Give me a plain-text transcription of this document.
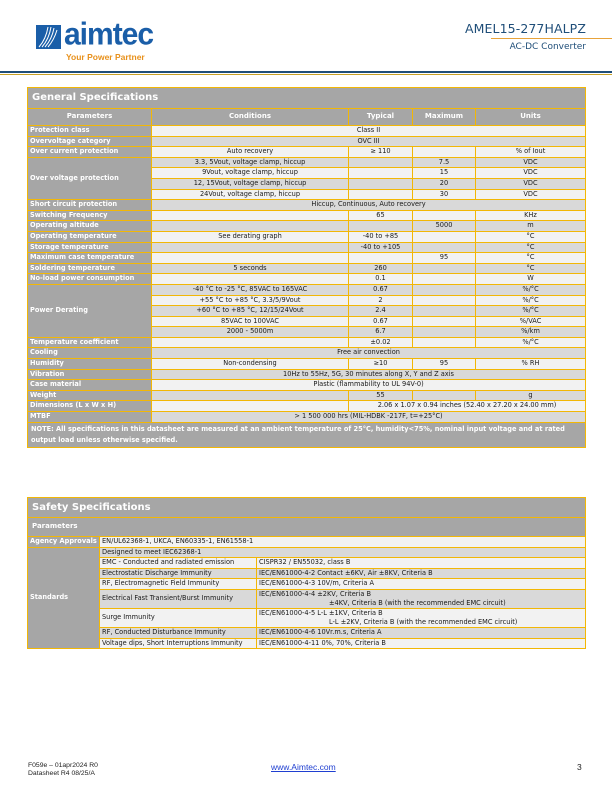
aimtec
Your Power Partner
AMEL15-277HALPZ
AC-DC Converter
General Specifications				
Parameters	Conditions	Typical	Maximum	Units
Protection class	Class II			
Overvoltage category	OVC III			
Over current protection	Auto recovery	≥ 110		% of Iout
Over voltage protection	3.3, 5Vout, voltage clamp, hiccup		7.5	VDC
	9Vout, voltage clamp, hiccup		15	VDC
	12, 15Vout, voltage clamp, hiccup		20	VDC
	24Vout, voltage clamp, hiccup		30	VDC
Short circuit protection	Hiccup, Continuous, Auto recovery			
Switching Frequency		65		KHz
Operating altitude			5000	m
Operating temperature	See derating graph	-40 to +85		°C
Storage temperature		-40 to +105		°C
Maximum case temperature			95	°C
Soldering temperature	5 seconds	260		°C
No-load power consumption		0.1		W
Power Derating	-40 °C to -25 °C, 85VAC to 165VAC	0.67		%/°C
	+55 °C to +85 °C, 3.3/5/9Vout	2		%/°C
	+60 °C to +85 °C, 12/15/24Vout	2.4		%/°C
	85VAC to 100VAC	0.67		%/VAC
	2000 - 5000m	6.7		%/km
Temperature coefficient		±0.02		%/°C
Cooling	Free air convection			
Humidity	Non-condensing	≥10	95	% RH
Vibration	10Hz to 55Hz, 5G, 30 minutes along X, Y and Z axis			
Case material	Plastic (flammability to UL 94V-0)			
Weight		55		g
Dimensions (L x W x H)		2.06 x 1.07 x 0.94 inches (52.40 x 27.20 x 24.00 mm)		
MTBF	> 1 500 000 hrs (MIL-HDBK -217F, t=+25°C)			
NOTE: All specifications in this datasheet are measured at an ambient temperature of 25°C, humidity<75%, nominal input voltage and at rated output load unless otherwise specified.				
Safety Specifications		
Parameters		
Agency Approvals	EN/UL62368-1, UKCA, EN60335-1, EN61558-1	
Standards	Designed to meet IEC62368-1	
	EMC - Conducted and radiated emission	CISPR32 / EN55032, class B
	Electrostatic Discharge Immunity	IEC/EN61000-4-2 Contact ±6KV, Air ±8KV, Criteria B
	RF, Electromagnetic Field Immunity	IEC/EN61000-4-3 10V/m, Criteria A
	Electrical Fast Transient/Burst Immunity	IEC/EN61000-4-4 ±2KV, Criteria B
±4KV, Criteria B (with the recommended EMC circuit)

	Surge Immunity	IEC/EN61000-4-5 L-L ±1KV, Criteria B
L-L ±2KV, Criteria B (with the recommended EMC circuit)

	RF, Conducted Disturbance Immunity	IEC/EN61000-4-6 10Vr.m.s, Criteria A
	Voltage dips, Short Interruptions Immunity	IEC/EN61000-4-11 0%, 70%, Criteria B
F059e – 01apr2024 R0
Datasheet R4 08/25/A
www.Aimtec.com	3
